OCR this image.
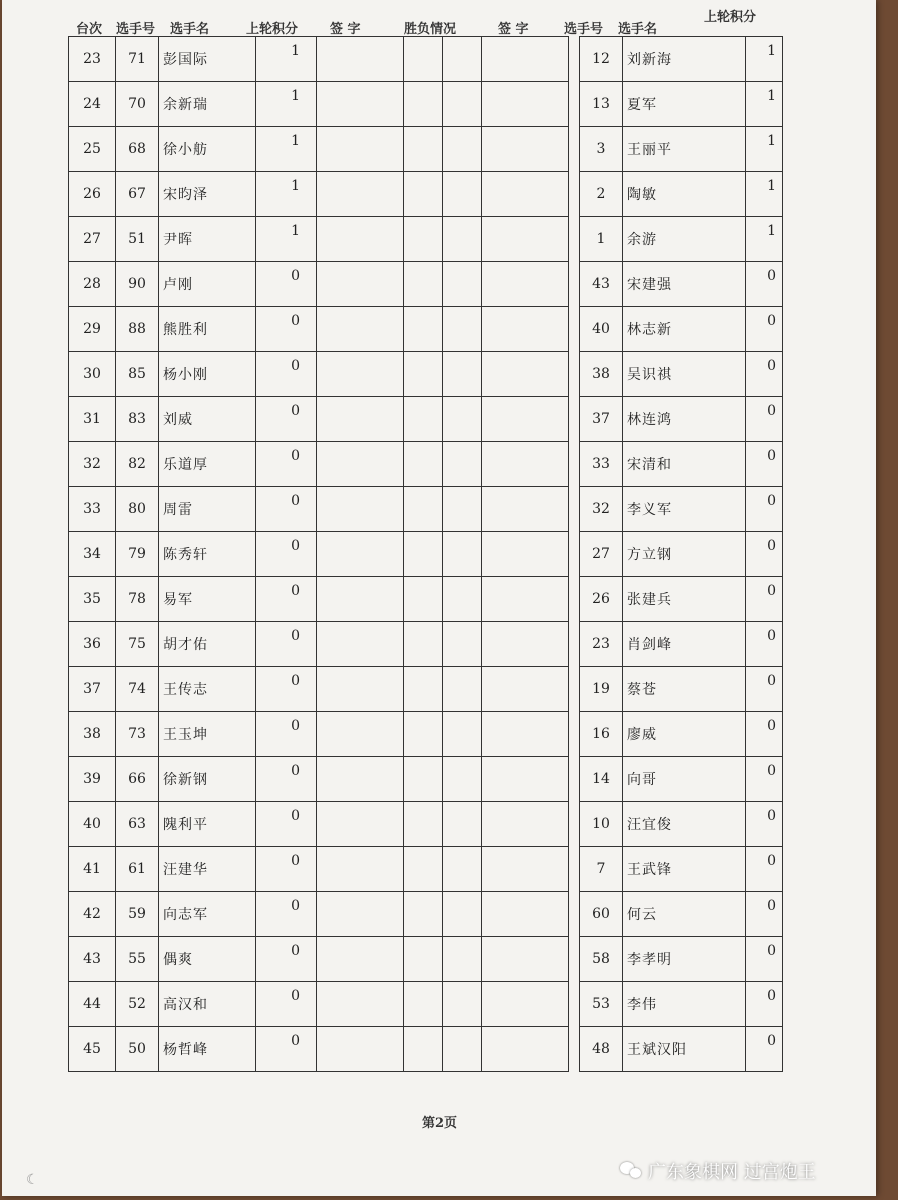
台次 选手号 选手名	上轮积分 签 字	胜负情况	签 字	选手号 选手名
上轮积分
23	71	彭国际	1						12	刘新海	1
24	70	余新瑞	1						13	夏军	1
25	68	徐小舫	1						3	王丽平	1
26	67	宋昀泽	1						2	陶敏	1
27	51	尹晖	1						1	余游	1
28	90	卢刚	0						43	宋建强	0
29	88	熊胜利	0						40	林志新	0
30	85	杨小刚	0						38	吴识祺	0
31	83	刘威	0						37	林连鸿	0
32	82	乐道厚	0						33	宋清和	0
33	80	周雷	0						32	李义军	0
34	79	陈秀轩	0						27	方立钢	0
35	78	易军	0						26	张建兵	0
36	75	胡才佑	0						23	肖剑峰	0
37	74	王传志	0						19	蔡苍	0
38	73	王玉坤	0						16	廖威	0
39	66	徐新钢	0						14	向哥	0
40	63	隗利平	0						10	汪宜俊	0
41	61	汪建华	0						7	王武锋	0
42	59	向志军	0						60	何云	0
43	55	偶爽	0						58	李孝明	0
44	52	高汉和	0						53	李伟	0
45	50	杨哲峰	0						48	王斌汉阳	0
第2页
☾	广东象棋网 过宫炮王
